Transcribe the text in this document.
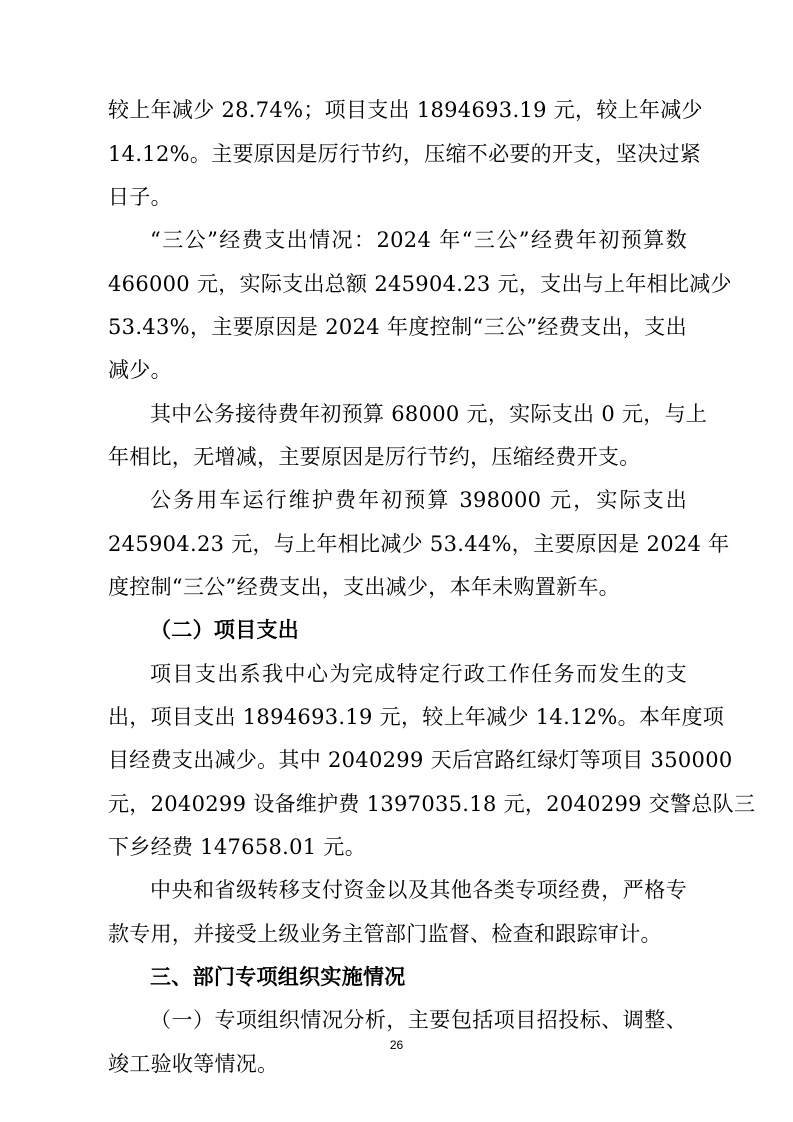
较上年减少 28.74%；项目支出 1894693.19 元，较上年减少
14.12%。主要原因是厉行节约，压缩不必要的开支，坚决过紧
日子。
“三公”经费支出情况：2024 年“三公”经费年初预算数
466000 元，实际支出总额 245904.23 元，支出与上年相比减少
53.43%，主要原因是 2024 年度控制“三公”经费支出，支出
减少。
其中公务接待费年初预算 68000 元，实际支出 0 元，与上
年相比，无增减，主要原因是厉行节约，压缩经费开支。
公务用车运行维护费年初预算 398000 元，实际支出
245904.23 元，与上年相比减少 53.44%，主要原因是 2024 年
度控制“三公”经费支出，支出减少，本年未购置新车。
（二）项目支出
项目支出系我中心为完成特定行政工作任务而发生的支
出，项目支出 1894693.19 元，较上年减少 14.12%。本年度项
目经费支出减少。其中 2040299 天后宫路红绿灯等项目 350000
元，2040299 设备维护费 1397035.18 元，2040299 交警总队三
下乡经费 147658.01 元。
中央和省级转移支付资金以及其他各类专项经费，严格专
款专用，并接受上级业务主管部门监督、检查和跟踪审计。
三、部门专项组织实施情况
（一）专项组织情况分析，主要包括项目招投标、调整、
竣工验收等情况。
26
